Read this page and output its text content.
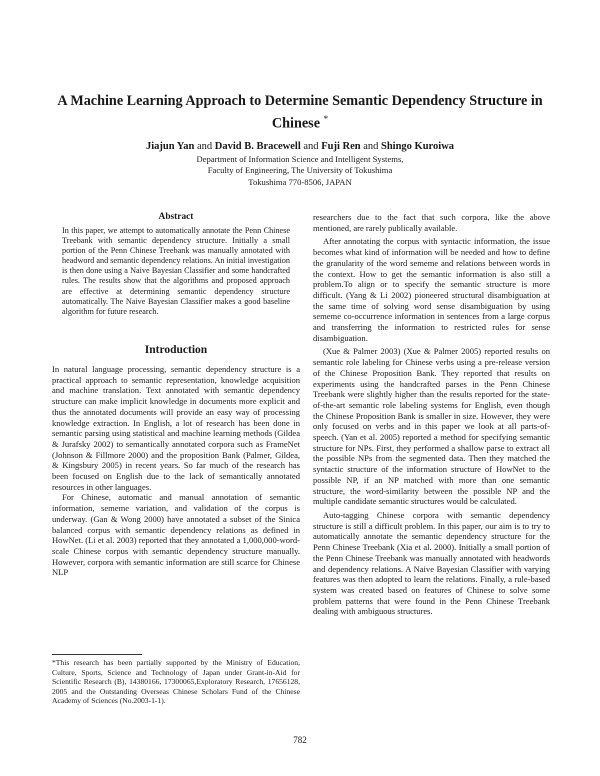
A Machine Learning Approach to Determine Semantic Dependency Structure in Chinese *
Jiajun Yan and David B. Bracewell and Fuji Ren and Shingo Kuroiwa
Department of Information Science and Intelligent Systems,
Faculty of Engineering, The University of Tokushima
Tokushima 770-8506, JAPAN
Abstract
In this paper, we attempt to automatically annotate the Penn Chinese Treebank with semantic dependency structure. Initially a small portion of the Penn Chinese Treebank was manually annotated with headword and semantic dependency relations. An initial investigation is then done using a Naive Bayesian Classifier and some handcrafted rules. The results show that the algorithms and proposed approach are effective at determining semantic dependency structure automatically. The Naive Bayesian Classifier makes a good baseline algorithm for future research.
Introduction

In natural language processing, semantic dependency structure is a practical approach to semantic representation, knowledge acquisition and machine translation. Text annotated with semantic dependency structure can make implicit knowledge in documents more explicit and thus the annotated documents will provide an easy way of processing knowledge extraction. In English, a lot of research has been done in semantic parsing using statistical and machine learning methods (Gildea & Jurafsky 2002) to semantically annotated corpora such as FrameNet (Johnson & Fillmore 2000) and the proposition Bank (Palmer, Gildea, & Kingsbury 2005) in recent years. So far much of the research has been focused on English due to the lack of semantically annotated resources in other languages.

For Chinese, automatic and manual annotation of semantic information, sememe variation, and validation of the corpus is underway. (Gan & Wong 2000) have annotated a subset of the Sinica balanced corpus with semantic dependency relations as defined in HowNet. (Li et al. 2003) reported that they annotated a 1,000,000-word-scale Chinese corpus with semantic dependency structure manually. However, corpora with semantic information are still scarce for Chinese NLP

*This research has been partially supported by the Ministry of Education, Culture, Sports, Science and Technology of Japan under Grant-in-Aid for Scientific Research (B), 14380166, 17300065,Exploratory Research, 17656128, 2005 and the Outstanding Overseas Chinese Scholars Fund of the Chinese Academy of Sciences (No.2003-1-1).

researchers due to the fact that such corpora, like the above mentioned, are rarely publically available.

After annotating the corpus with syntactic information, the issue becomes what kind of information will be needed and how to define the granularity of the word sememe and relations between words in the context. How to get the semantic information is also still a problem.To align or to specify the semantic structure is more difficult. (Yang & Li 2002) pioneered structural disambiguation at the same time of solving word sense disambiguation by using sememe co-occurrence information in sentences from a large corpus and transferring the information to restricted rules for sense disambiguation.

(Xue & Palmer 2003) (Xue & Palmer 2005) reported results on semantic role labeling for Chinese verbs using a pre-release version of the Chinese Proposition Bank. They reported that results on experiments using the handcrafted parses in the Penn Chinese Treebank were slightly higher than the results reported for the state-of-the-art semantic role labeling systems for English, even though the Chinese Proposition Bank is smaller in size. However, they were only focused on verbs and in this paper we look at all parts-of-speech. (Yan et al. 2005) reported a method for specifying semantic structure for NPs. First, they performed a shallow parse to extract all the possible NPs from the segmented data. Then they matched the syntactic structure of the information structure of HowNet to the possible NP, if an NP matched with more than one semantic structure, the word-similarity between the possible NP and the multiple candidate semantic structures would be calculated.

Auto-tagging Chinese corpora with semantic dependency structure is still a difficult problem. In this paper, our aim is to try to automatically annotate the semantic dependency structure for the Penn Chinese Treebank (Xia et al. 2000). Initially a small portion of the Penn Chinese Treebank was manually annotated with headwords and dependency relations. A Naive Bayesian Classifier with varying features was then adopted to learn the relations. Finally, a rule-based system was created based on features of Chinese to solve some problem patterns that were found in the Penn Chinese Treebank dealing with ambiguous structures.

782
